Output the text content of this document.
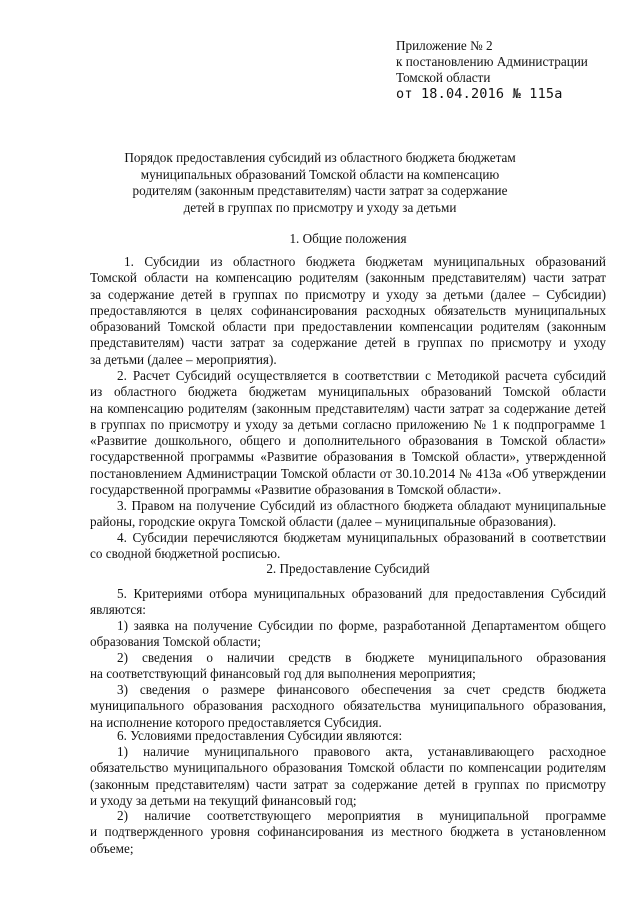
Приложение № 2
к постановлению Администрации
Томской области
от 18.04.2016 № 115а
Порядок предоставления субсидий из областного бюджета бюджетам
муниципальных образований Томской области на компенсацию
родителям (законным представителям) части затрат за содержание
детей в группах по присмотру и уходу за детьми
1. Общие положения
1. Субсидии из областного бюджета бюджетам муниципальных образований
Томской области на компенсацию родителям (законным представителям) части затрат
за содержание детей в группах по присмотру и уходу за детьми (далее – Субсидии)
предоставляются в целях софинансирования расходных обязательств муниципальных
образований Томской области при предоставлении компенсации родителям (законным
представителям) части затрат за содержание детей в группах по присмотру и уходу
за детьми (далее – мероприятия).
2. Расчет Субсидий осуществляется в соответствии с Методикой расчета субсидий
из областного бюджета бюджетам муниципальных образований Томской области
на компенсацию родителям (законным представителям) части затрат за содержание детей
в группах по присмотру и уходу за детьми согласно приложению № 1 к подпрограмме 1
«Развитие дошкольного, общего и дополнительного образования в Томской области»
государственной программы «Развитие образования в Томской области», утвержденной
постановлением Администрации Томской области от 30.10.2014 № 413а «Об утверждении
государственной программы «Развитие образования в Томской области».
3. Правом на получение Субсидий из областного бюджета обладают муниципальные
районы, городские округа Томской области (далее – муниципальные образования).
4. Субсидии перечисляются бюджетам муниципальных образований в соответствии
со сводной бюджетной росписью.
2. Предоставление Субсидий
5. Критериями отбора муниципальных образований для предоставления Субсидий
являются:
1) заявка на получение Субсидии по форме, разработанной Департаментом общего
образования Томской области;
2) сведения о наличии средств в бюджете муниципального образования
на соответствующий финансовый год для выполнения мероприятия;
3) сведения о размере финансового обеспечения за счет средств бюджета
муниципального образования расходного обязательства муниципального образования,
на исполнение которого предоставляется Субсидия.
6. Условиями предоставления Субсидии являются:
1) наличие муниципального правового акта, устанавливающего расходное
обязательство муниципального образования Томской области по компенсации родителям
(законным представителям) части затрат за содержание детей в группах по присмотру
и уходу за детьми на текущий финансовый год;
2) наличие соответствующего мероприятия в муниципальной программе
и подтвержденного уровня софинансирования из местного бюджета в установленном
объеме;
